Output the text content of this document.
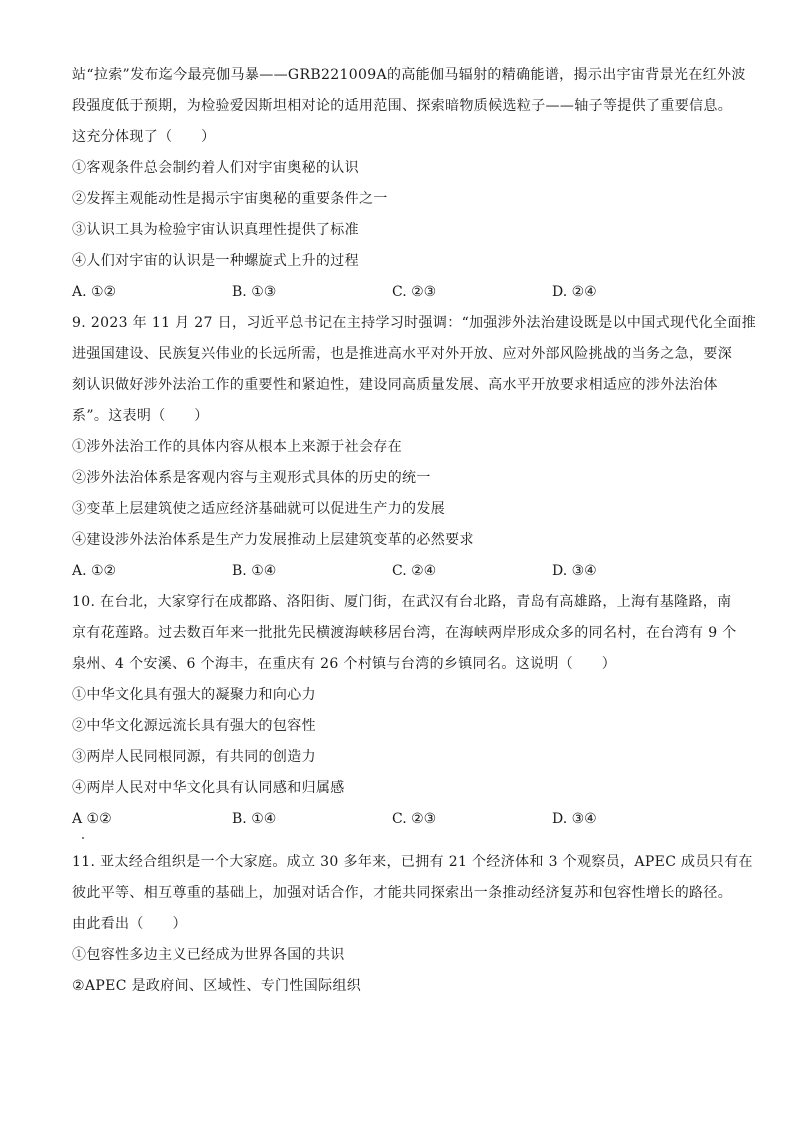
站“拉索”发布迄今最亮伽马暴——GRB221009A的高能伽马辐射的精确能谱，揭示出宇宙背景光在红外波
段强度低于预期，为检验爱因斯坦相对论的适用范围、探索暗物质候选粒子——轴子等提供了重要信息。
这充分体现了（　　）
①客观条件总会制约着人们对宇宙奥秘的认识
②发挥主观能动性是揭示宇宙奥秘的重要条件之一
③认识工具为检验宇宙认识真理性提供了标准
④人们对宇宙的认识是一种螺旋式上升的过程
A. ①②	B. ①③	C. ②③	D. ②④
9. 2023 年 11 月 27 日，习近平总书记在主持学习时强调：“加强涉外法治建设既是以中国式现代化全面推
进强国建设、民族复兴伟业的长远所需，也是推进高水平对外开放、应对外部风险挑战的当务之急，要深
刻认识做好涉外法治工作的重要性和紧迫性，建设同高质量发展、高水平开放要求相适应的涉外法治体
系”。这表明（　　）
①涉外法治工作的具体内容从根本上来源于社会存在
②涉外法治体系是客观内容与主观形式具体的历史的统一
③变革上层建筑使之适应经济基础就可以促进生产力的发展
④建设涉外法治体系是生产力发展推动上层建筑变革的必然要求
A. ①②	B. ①④	C. ②④	D. ③④
10. 在台北，大家穿行在成都路、洛阳街、厦门街，在武汉有台北路，青岛有高雄路，上海有基隆路，南
京有花莲路。过去数百年来一批批先民横渡海峡移居台湾，在海峡两岸形成众多的同名村，在台湾有 9 个
泉州、4 个安溪、6 个海丰，在重庆有 26 个村镇与台湾的乡镇同名。这说明（　　）
①中华文化具有强大的凝聚力和向心力
②中华文化源远流长具有强大的包容性
③两岸人民同根同源，有共同的创造力
④两岸人民对中华文化具有认同感和归属感
A ①②	B. ①④	C. ②③	D. ③④
11. 亚太经合组织是一个大家庭。成立 30 多年来，已拥有 21 个经济体和 3 个观察员，APEC 成员只有在
彼此平等、相互尊重的基础上，加强对话合作，才能共同探索出一条推动经济复苏和包容性增长的路径。
由此看出（　　）
①包容性多边主义已经成为世界各国的共识
②APEC 是政府间、区域性、专门性国际组织
